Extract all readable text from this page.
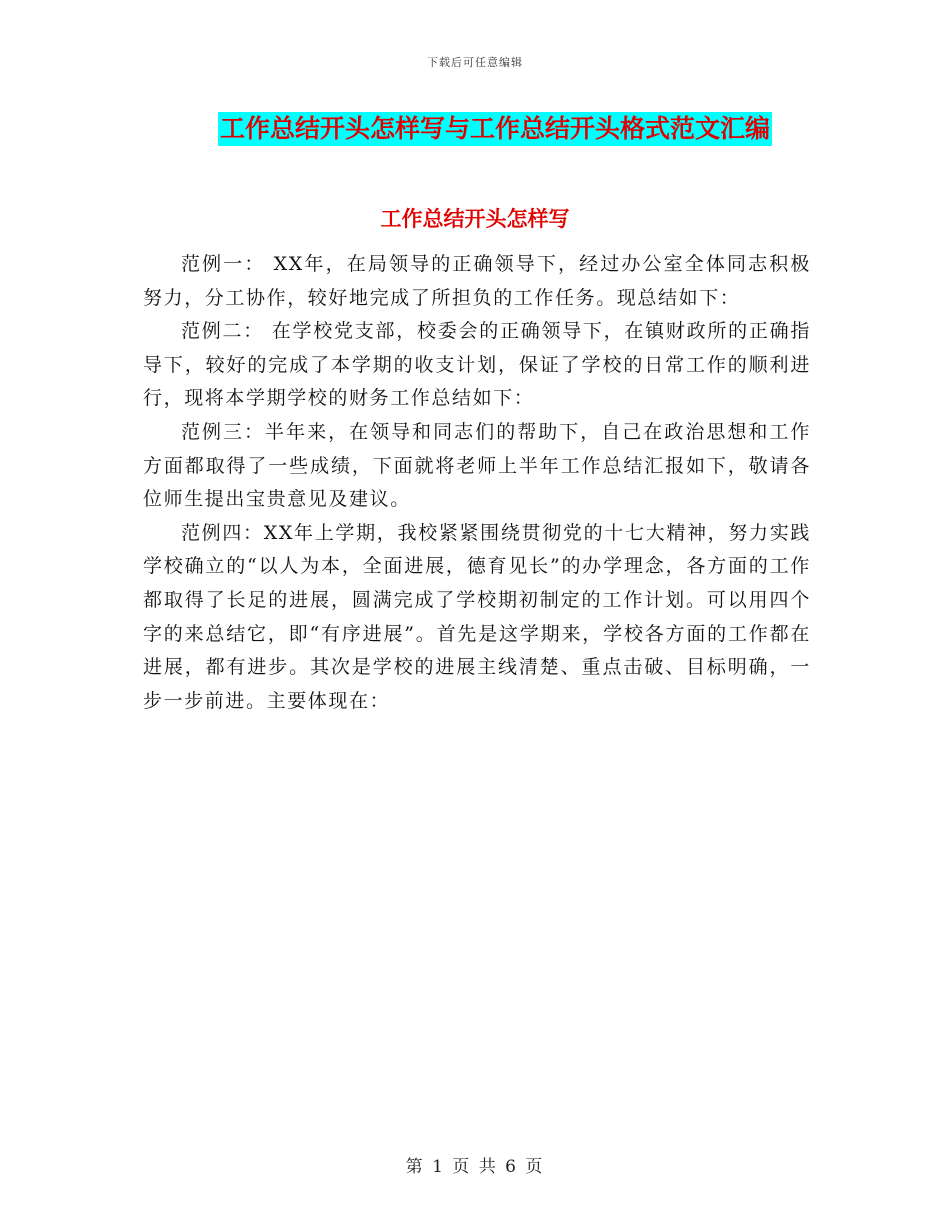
下载后可任意编辑
工作总结开头怎样写与工作总结开头格式范文汇编
工作总结开头怎样写

范例一： XX年，在局领导的正确领导下，经过办公室全体同志积极努力，分工协作，较好地完成了所担负的工作任务。现总结如下：

范例二： 在学校党支部，校委会的正确领导下，在镇财政所的正确指导下，较好的完成了本学期的收支计划，保证了学校的日常工作的顺利进行，现将本学期学校的财务工作总结如下：

范例三：半年来，在领导和同志们的帮助下，自己在政治思想和工作方面都取得了一些成绩，下面就将老师上半年工作总结汇报如下，敬请各位师生提出宝贵意见及建议。

范例四：XX年上学期，我校紧紧围绕贯彻党的十七大精神，努力实践学校确立的“以人为本，全面进展，德育见长”的办学理念，各方面的工作都取得了长足的进展，圆满完成了学校期初制定的工作计划。可以用四个字的来总结它，即“有序进展”。首先是这学期来，学校各方面的工作都在进展，都有进步。其次是学校的进展主线清楚、重点击破、目标明确，一步一步前进。主要体现在：

第 1 页 共 6 页
